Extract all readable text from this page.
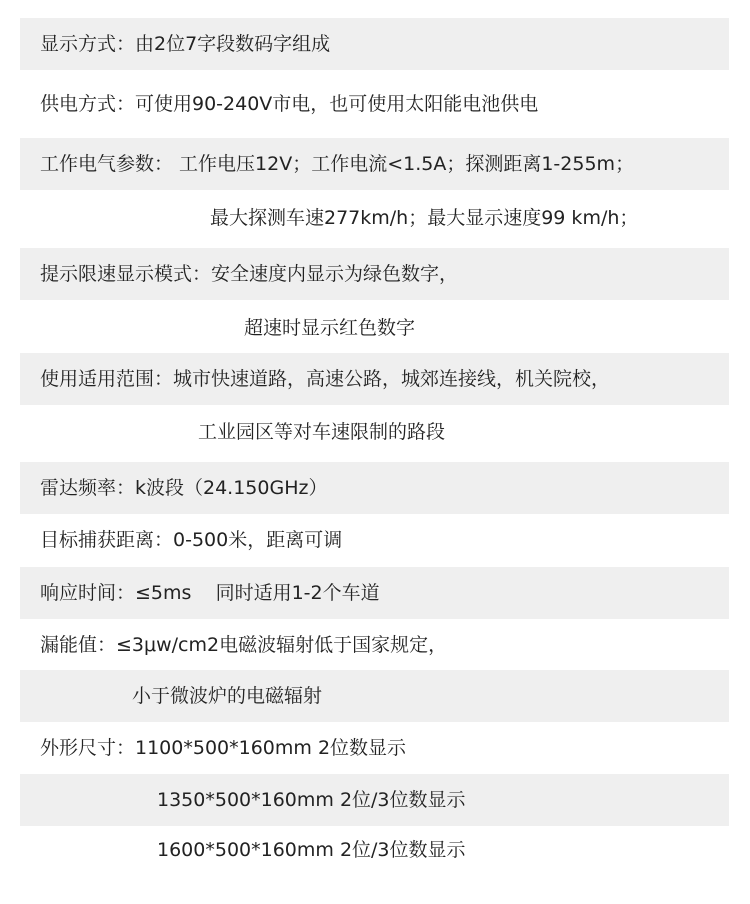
显示方式：由2位7字段数码字组成
供电方式：可使用90-240V市电，也可使用太阳能电池供电
工作电气参数： 工作电压12V；工作电流<1.5A；探测距离1-255m；
最大探测车速277km/h；最大显示速度99 km/h；
提示限速显示模式：安全速度内显示为绿色数字，
超速时显示红色数字
使用适用范围：城市快速道路，高速公路，城郊连接线，机关院校，
工业园区等对车速限制的路段
雷达频率：k波段（24.150GHz）
目标捕获距离：0-500米，距离可调
响应时间：≤5ms    同时适用1-2个车道
漏能值：≤3μw/cm2电磁波辐射低于国家规定，
小于微波炉的电磁辐射
外形尺寸：1100*500*160mm 2位数显示
1350*500*160mm 2位/3位数显示
1600*500*160mm 2位/3位数显示
